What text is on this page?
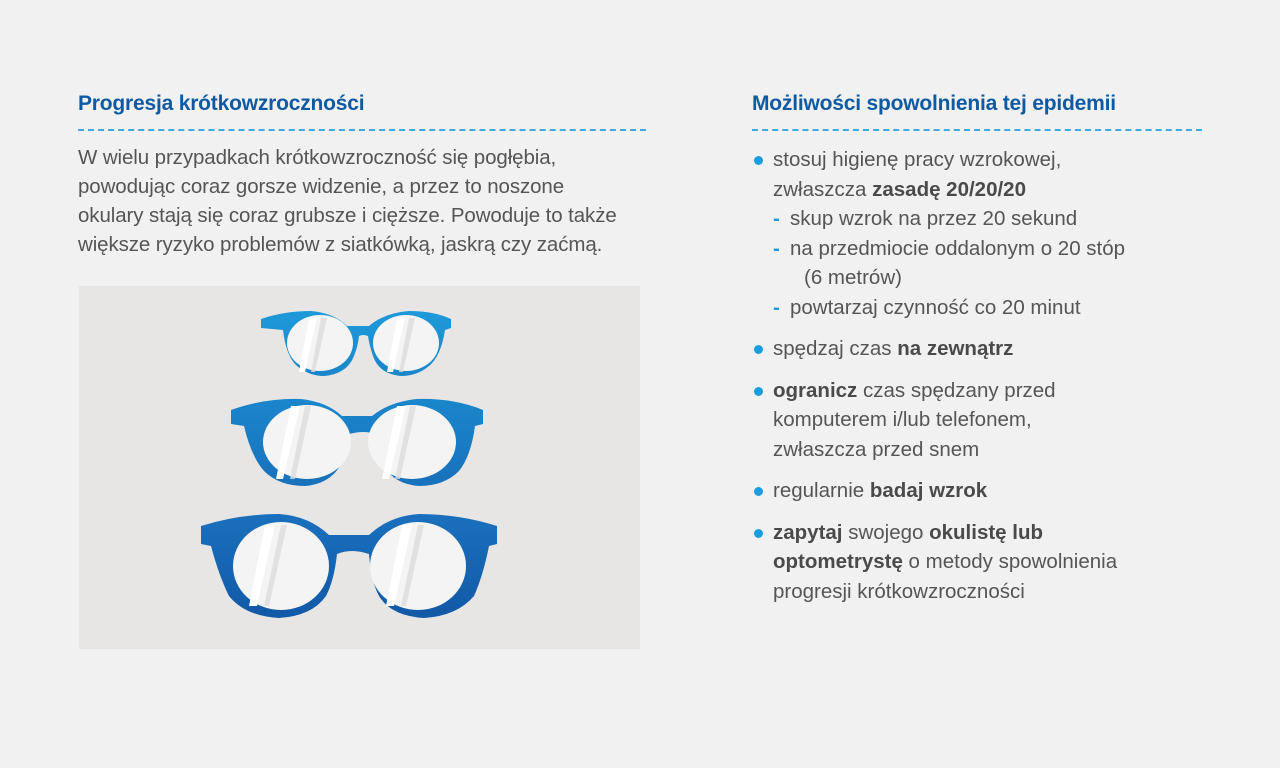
Progresja krótkowzroczności
W wielu przypadkach krótkowzroczność się pogłębia,
powodując coraz gorsze widzenie, a przez to noszone
okulary stają się coraz grubsze i cięższe. Powoduje to także
większe ryzyko problemów z siatkówką, jaskrą czy zaćmą.
Możliwości spowolnienia tej epidemii
stosuj higienę pracy wzrokowej,
zwłaszcza zasadę 20/20/20
- skup wzrok na przez 20 sekund
- na przedmiocie oddalonym o 20 stóp
(6 metrów)
- powtarzaj czynność co 20 minut
spędzaj czas na zewnątrz
ogranicz czas spędzany przed
komputerem i/lub telefonem,
zwłaszcza przed snem
regularnie badaj wzrok
zapytaj swojego okulistę lub
optometrystę o metody spowolnienia
progresji krótkowzroczności
